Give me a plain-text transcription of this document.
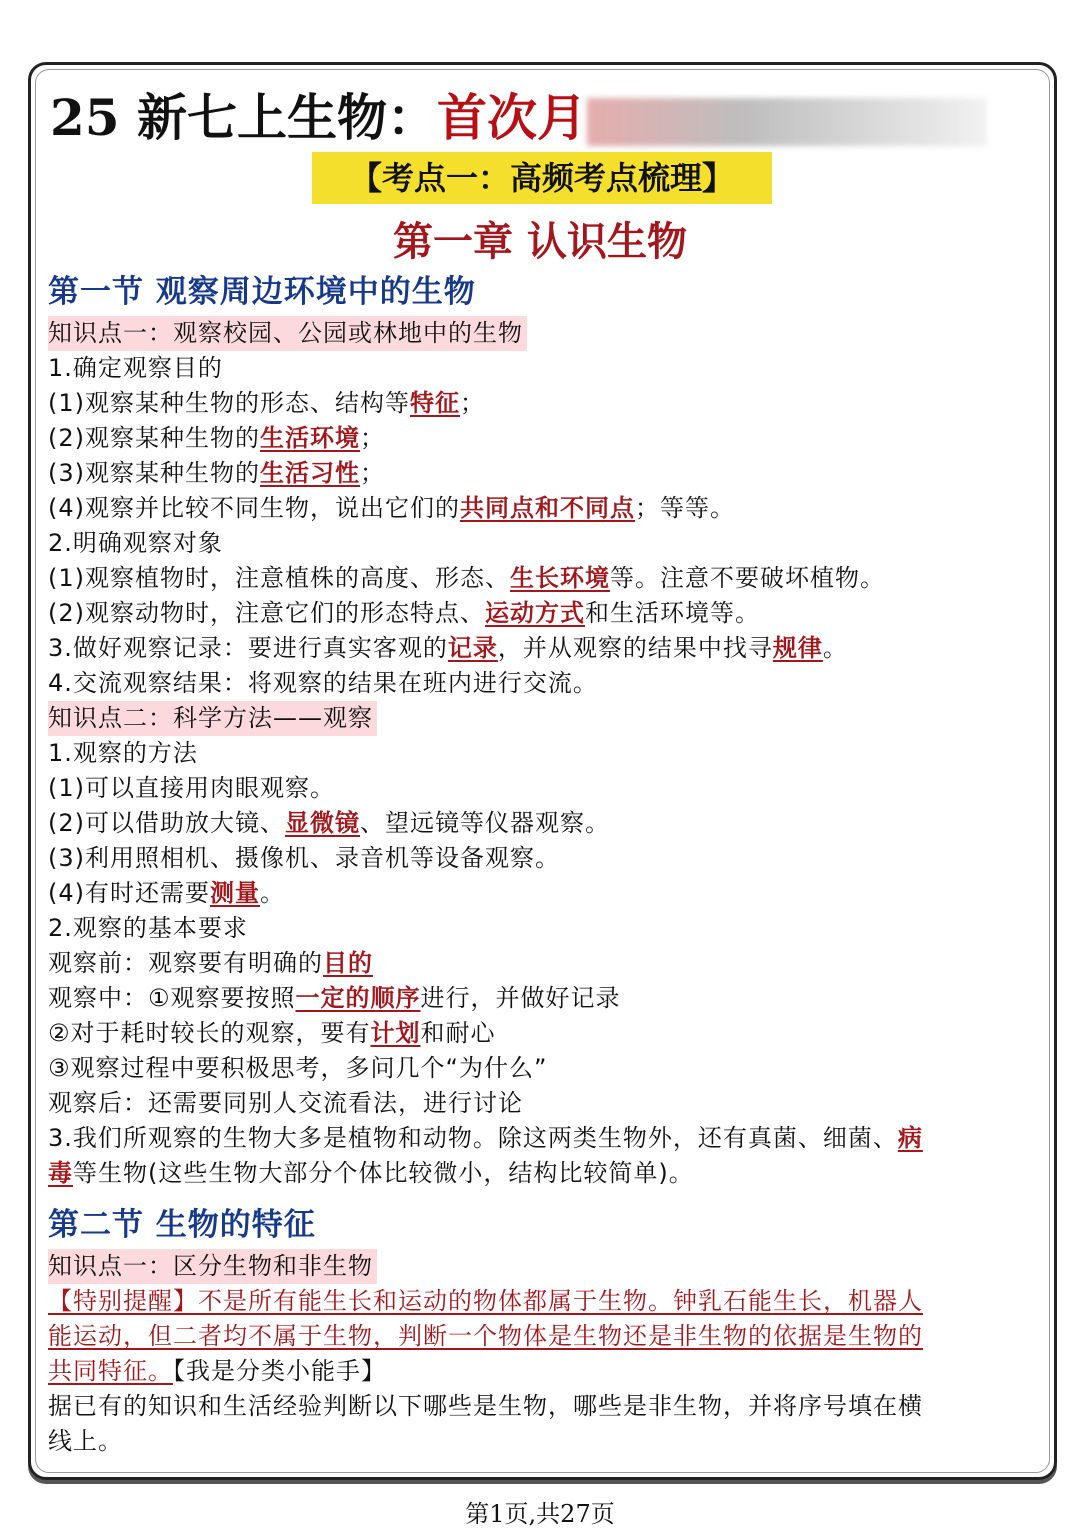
25 新七上生物：首次月
【考点一：高频考点梳理】
第一章 认识生物
第一节 观察周边环境中的生物
知识点一：观察校园、公园或林地中的生物
1.确定观察目的
(1)观察某种生物的形态、结构等特征；
(2)观察某种生物的生活环境；
(3)观察某种生物的生活习性；
(4)观察并比较不同生物，说出它们的共同点和不同点；等等。
2.明确观察对象
(1)观察植物时，注意植株的高度、形态、生长环境等。注意不要破坏植物。
(2)观察动物时，注意它们的形态特点、运动方式和生活环境等。
3.做好观察记录：要进行真实客观的记录，并从观察的结果中找寻规律。
4.交流观察结果：将观察的结果在班内进行交流。
知识点二：科学方法——观察
1.观察的方法
(1)可以直接用肉眼观察。
(2)可以借助放大镜、显微镜、望远镜等仪器观察。
(3)利用照相机、摄像机、录音机等设备观察。
(4)有时还需要测量。
2.观察的基本要求
观察前：观察要有明确的目的
观察中：①观察要按照一定的顺序进行，并做好记录
②对于耗时较长的观察，要有计划和耐心
③观察过程中要积极思考，多问几个“为什么”
观察后：还需要同别人交流看法，进行讨论
3.我们所观察的生物大多是植物和动物。除这两类生物外，还有真菌、细菌、病
毒等生物(这些生物大部分个体比较微小，结构比较简单)。
第二节 生物的特征
知识点一：区分生物和非生物
【特别提醒】不是所有能生长和运动的物体都属于生物。钟乳石能生长，机器人
能运动，但二者均不属于生物，判断一个物体是生物还是非生物的依据是生物的
共同特征。【我是分类小能手】
据已有的知识和生活经验判断以下哪些是生物，哪些是非生物，并将序号填在横
线上。
第1页,共27页
